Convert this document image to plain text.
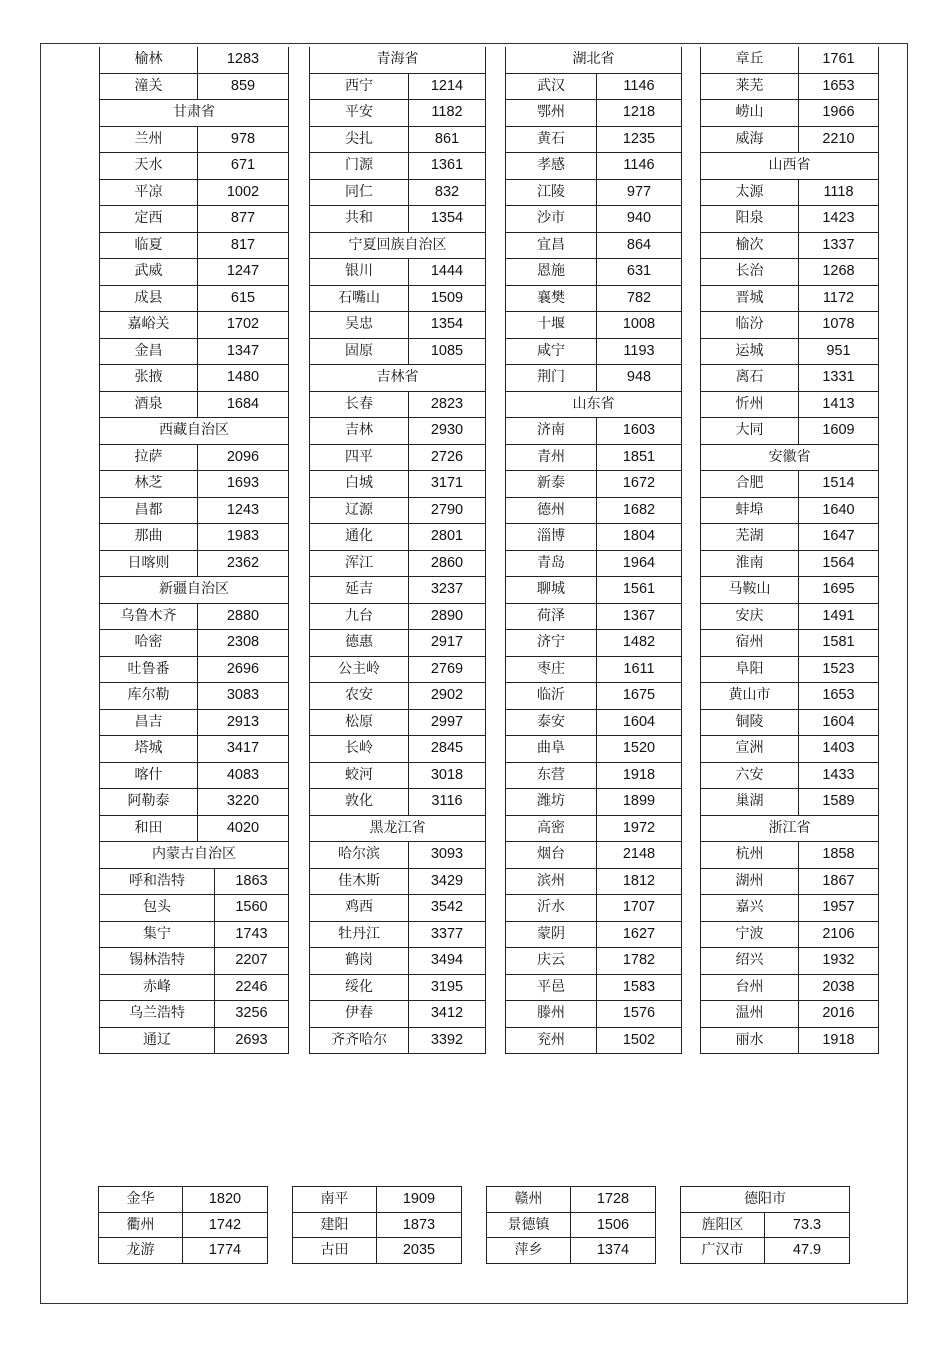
榆林	1283
潼关	859
甘肃省
兰州	978
天水	671
平凉	1002
定西	877
临夏	817
武威	1247
成县	615
嘉峪关	1702
金昌	1347
张掖	1480
酒泉	1684
西藏自治区
拉萨	2096
林芝	1693
昌都	1243
那曲	1983
日喀则	2362
新疆自治区
乌鲁木齐	2880
哈密	2308
吐鲁番	2696
库尔勒	3083
昌吉	2913
塔城	3417
喀什	4083
阿勒泰	3220
和田	4020
内蒙古自治区
呼和浩特	1863
包头	1560
集宁	1743
锡林浩特	2207
赤峰	2246
乌兰浩特	3256
通辽	2693
青海省
西宁	1214
平安	1182
尖扎	861
门源	1361
同仁	832
共和	1354
宁夏回族自治区
银川	1444
石嘴山	1509
吴忠	1354
固原	1085
吉林省
长春	2823
吉林	2930
四平	2726
白城	3171
辽源	2790
通化	2801
浑江	2860
延吉	3237
九台	2890
德惠	2917
公主岭	2769
农安	2902
松原	2997
长岭	2845
蛟河	3018
敦化	3116
黑龙江省
哈尔滨	3093
佳木斯	3429
鸡西	3542
牡丹江	3377
鹤岗	3494
绥化	3195
伊春	3412
齐齐哈尔	3392
湖北省
武汉	1146
鄂州	1218
黄石	1235
孝感	1146
江陵	977
沙市	940
宜昌	864
恩施	631
襄樊	782
十堰	1008
咸宁	1193
荆门	948
山东省
济南	1603
青州	1851
新泰	1672
德州	1682
淄博	1804
青岛	1964
聊城	1561
荷泽	1367
济宁	1482
枣庄	1611
临沂	1675
泰安	1604
曲阜	1520
东营	1918
潍坊	1899
高密	1972
烟台	2148
滨州	1812
沂水	1707
蒙阴	1627
庆云	1782
平邑	1583
滕州	1576
兖州	1502
章丘	1761
莱芜	1653
崂山	1966
威海	2210
山西省
太源	1118
阳泉	1423
榆次	1337
长治	1268
晋城	1172
临汾	1078
运城	951
离石	1331
忻州	1413
大同	1609
安徽省
合肥	1514
蚌埠	1640
芜湖	1647
淮南	1564
马鞍山	1695
安庆	1491
宿州	1581
阜阳	1523
黄山市	1653
铜陵	1604
宣洲	1403
六安	1433
巢湖	1589
浙江省
杭州	1858
湖州	1867
嘉兴	1957
宁波	2106
绍兴	1932
台州	2038
温州	2016
丽水	1918
金华	1820
衢州	1742
龙游	1774
南平	1909
建阳	1873
古田	2035
赣州	1728
景德镇	1506
萍乡	1374
德阳市
旌阳区	73.3
广汉市	47.9
